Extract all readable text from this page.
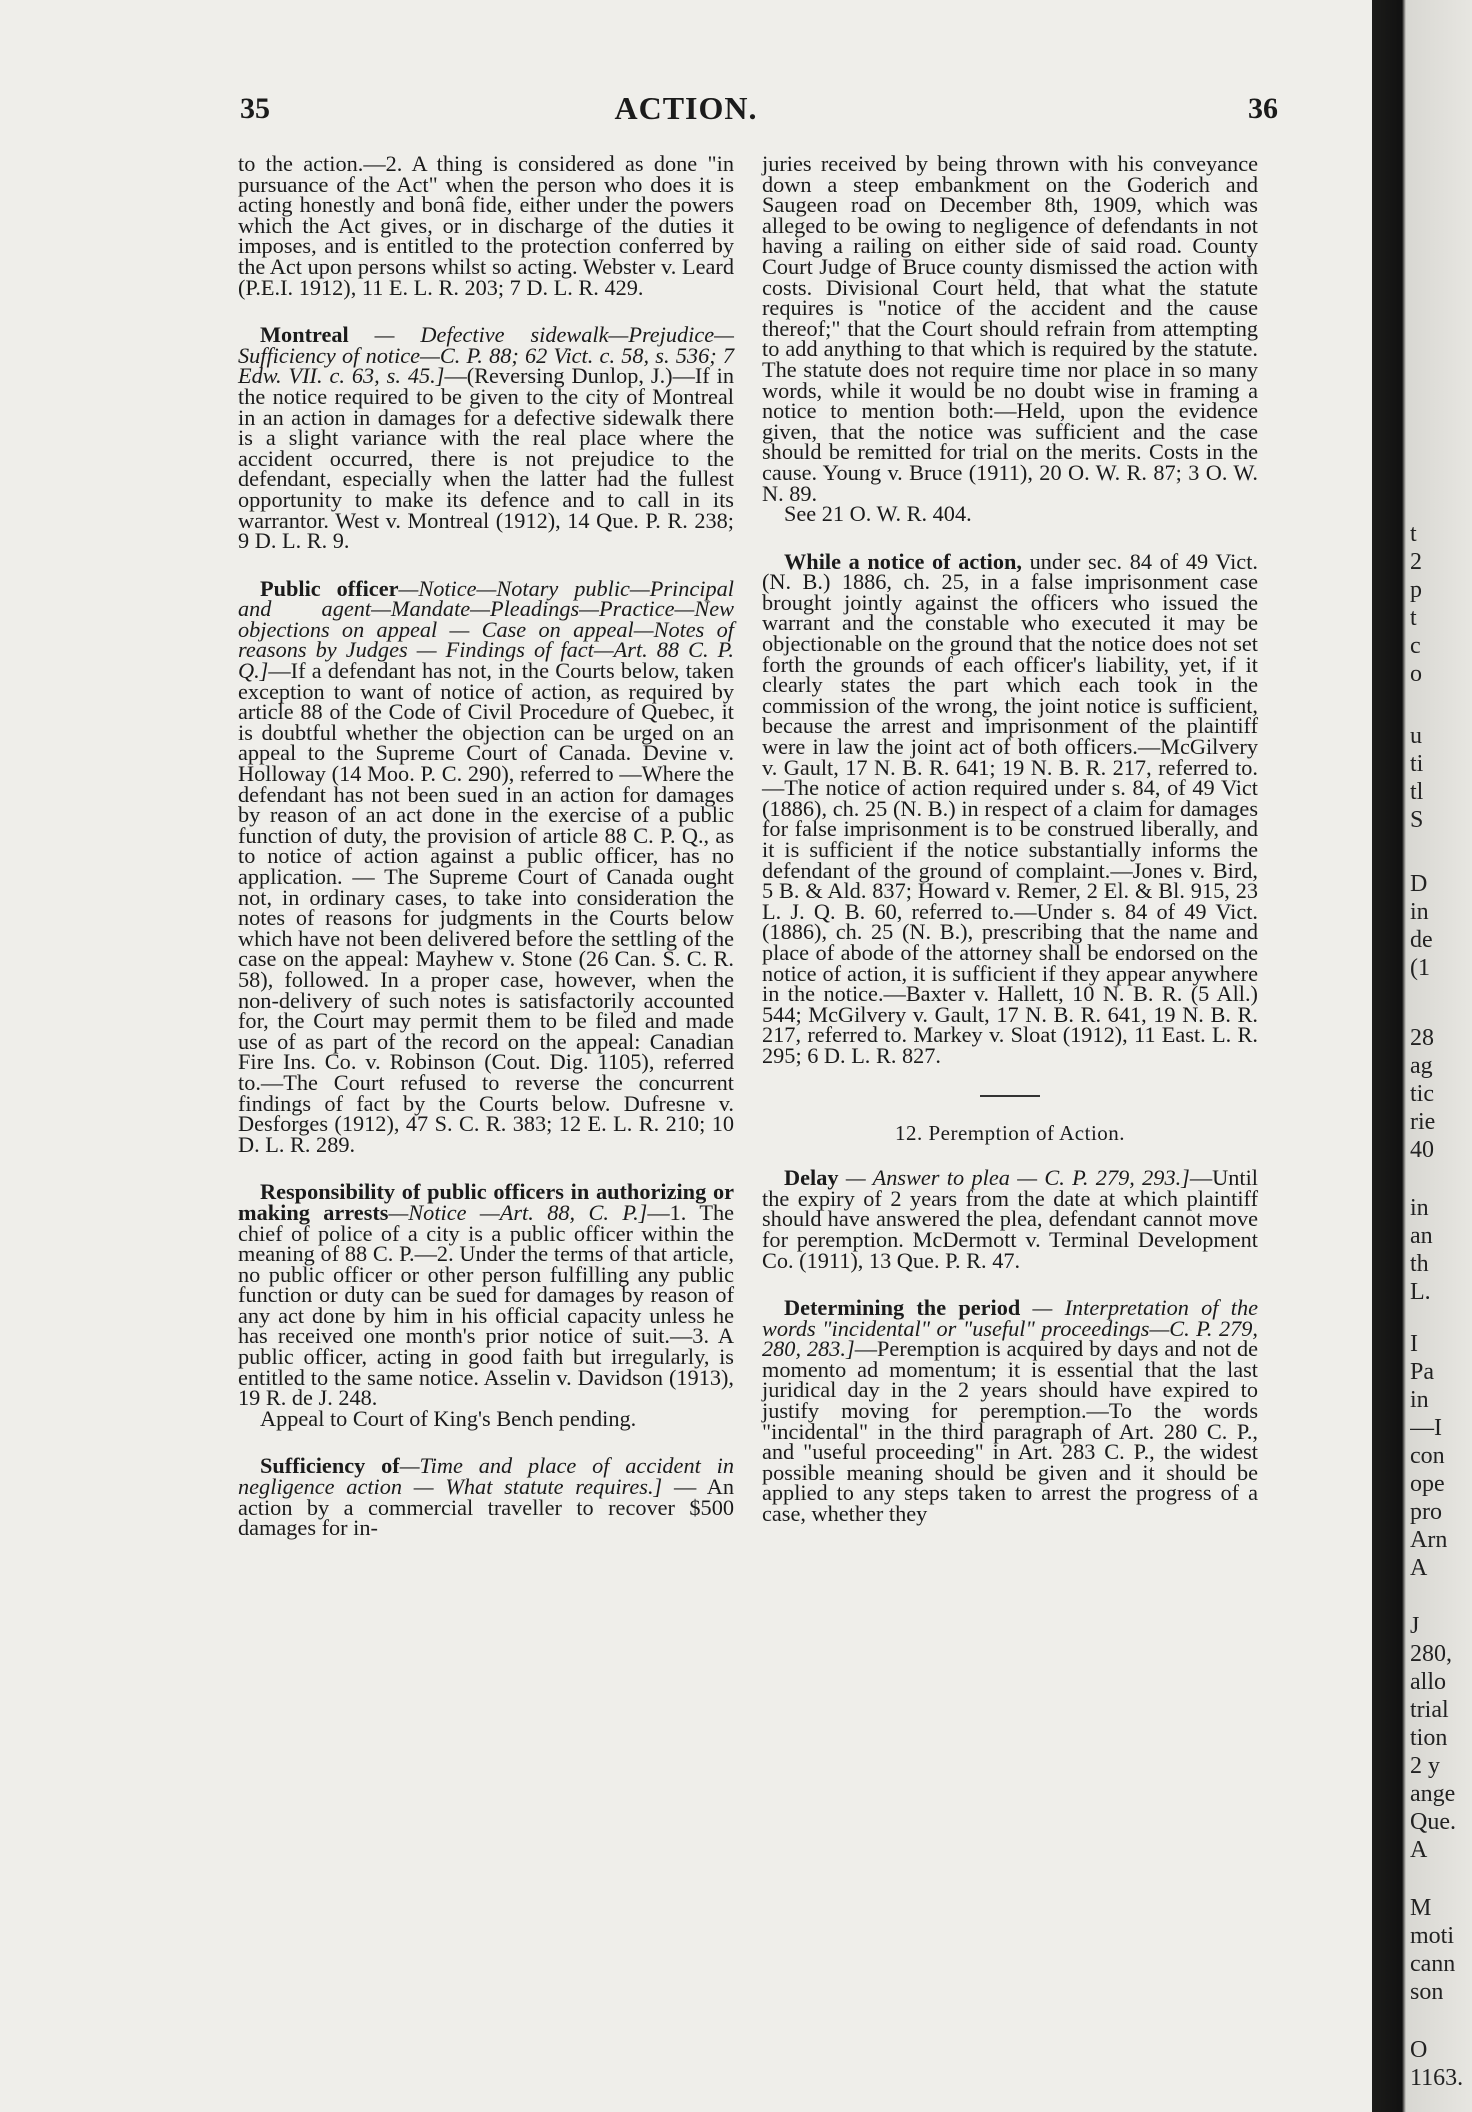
35	ACTION.	36

to the action.—2. A thing is considered as done "in pursuance of the Act" when the person who does it is acting honestly and bonâ fide, either under the powers which the Act gives, or in discharge of the duties it imposes, and is entitled to the protection conferred by the Act upon persons whilst so acting. Webster v. Leard (P.E.I. 1912), 11 E. L. R. 203; 7 D. L. R. 429.

Montreal — Defective sidewalk—Prejudice—Sufficiency of notice—C. P. 88; 62 Vict. c. 58, s. 536; 7 Edw. VII. c. 63, s. 45.]—(Reversing Dunlop, J.)—If in the notice required to be given to the city of Montreal in an action in damages for a defective sidewalk there is a slight variance with the real place where the accident occurred, there is not prejudice to the defendant, especially when the latter had the fullest opportunity to make its defence and to call in its warrantor. West v. Montreal (1912), 14 Que. P. R. 238; 9 D. L. R. 9.

Public officer—Notice—Notary public—Principal and agent—Mandate—Pleadings—Practice—New objections on appeal — Case on appeal—Notes of reasons by Judges — Findings of fact—Art. 88 C. P. Q.]—If a defendant has not, in the Courts below, taken exception to want of notice of action, as required by article 88 of the Code of Civil Procedure of Quebec, it is doubtful whether the objection can be urged on an appeal to the Supreme Court of Canada. Devine v. Holloway (14 Moo. P. C. 290), referred to —Where the defendant has not been sued in an action for damages by reason of an act done in the exercise of a public function of duty, the provision of article 88 C. P. Q., as to notice of action against a public officer, has no application. — The Supreme Court of Canada ought not, in ordinary cases, to take into consideration the notes of reasons for judgments in the Courts below which have not been delivered before the settling of the case on the appeal: Mayhew v. Stone (26 Can. S. C. R. 58), followed. In a proper case, however, when the non-delivery of such notes is satisfactorily accounted for, the Court may permit them to be filed and made use of as part of the record on the appeal: Canadian Fire Ins. Co. v. Robinson (Cout. Dig. 1105), referred to.—The Court refused to reverse the concurrent findings of fact by the Courts below. Dufresne v. Desforges (1912), 47 S. C. R. 383; 12 E. L. R. 210; 10 D. L. R. 289.

Responsibility of public officers in authorizing or making arrests—Notice —Art. 88, C. P.]—1. The chief of police of a city is a public officer within the meaning of 88 C. P.—2. Under the terms of that article, no public officer or other person fulfilling any public function or duty can be sued for damages by reason of any act done by him in his official capacity unless he has received one month's prior notice of suit.—3. A public officer, acting in good faith but irregularly, is entitled to the same notice. Asselin v. Davidson (1913), 19 R. de J. 248.

Appeal to Court of King's Bench pending.

Sufficiency of—Time and place of accident in negligence action — What statute requires.] — An action by a commercial traveller to recover $500 damages for in-

juries received by being thrown with his conveyance down a steep embankment on the Goderich and Saugeen road on December 8th, 1909, which was alleged to be owing to negligence of defendants in not having a railing on either side of said road. County Court Judge of Bruce county dismissed the action with costs. Divisional Court held, that what the statute requires is "notice of the accident and the cause thereof;" that the Court should refrain from attempting to add anything to that which is required by the statute. The statute does not require time nor place in so many words, while it would be no doubt wise in framing a notice to mention both:—Held, upon the evidence given, that the notice was sufficient and the case should be remitted for trial on the merits. Costs in the cause. Young v. Bruce (1911), 20 O. W. R. 87; 3 O. W. N. 89.

See 21 O. W. R. 404.

While a notice of action, under sec. 84 of 49 Vict. (N. B.) 1886, ch. 25, in a false imprisonment case brought jointly against the officers who issued the warrant and the constable who executed it may be objectionable on the ground that the notice does not set forth the grounds of each officer's liability, yet, if it clearly states the part which each took in the commission of the wrong, the joint notice is sufficient, because the arrest and imprisonment of the plaintiff were in law the joint act of both officers.—McGilvery v. Gault, 17 N. B. R. 641; 19 N. B. R. 217, referred to.—The notice of action required under s. 84, of 49 Vict (1886), ch. 25 (N. B.) in respect of a claim for damages for false imprisonment is to be construed liberally, and it is sufficient if the notice substantially informs the defendant of the ground of complaint.—Jones v. Bird, 5 B. & Ald. 837; Howard v. Remer, 2 El. & Bl. 915, 23 L. J. Q. B. 60, referred to.—Under s. 84 of 49 Vict. (1886), ch. 25 (N. B.), prescribing that the name and place of abode of the attorney shall be endorsed on the notice of action, it is sufficient if they appear anywhere in the notice.—Baxter v. Hallett, 10 N. B. R. (5 All.) 544; McGilvery v. Gault, 17 N. B. R. 641, 19 N. B. R. 217, referred to. Markey v. Sloat (1912), 11 East. L. R. 295; 6 D. L. R. 827.

12. Peremption of Action.

Delay — Answer to plea — C. P. 279, 293.]—Until the expiry of 2 years from the date at which plaintiff should have answered the plea, defendant cannot move for peremption. McDermott v. Terminal Development Co. (1911), 13 Que. P. R. 47.

Determining the period — Interpretation of the words "incidental" or "useful" proceedings—C. P. 279, 280, 283.]—Peremption is acquired by days and not de momento ad momentum; it is essential that the last juridical day in the 2 years should have expired to justify moving for peremption.—To the words "incidental" in the third paragraph of Art. 280 C. P., and "useful proceeding" in Art. 283 C. P., the widest possible meaning should be given and it should be applied to any steps taken to arrest the progress of a case, whether they

t
2
p
t
c
o
u
ti
tl
S
D
in
de
(1
28
ag
tic
rie
40
in
an
th
L.
I
Pa
in
—I
con
ope
pro
Arn
A
J
280,
allo
trial
tion
2 y
ange
Que.
A
M
moti
cann
son
O
1163.
